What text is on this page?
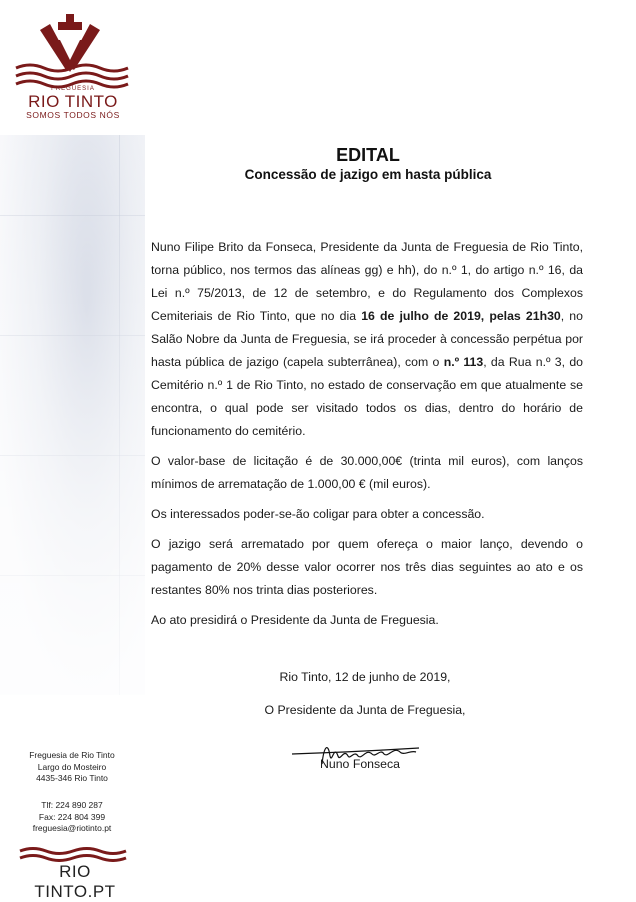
FREGUESIA
RIO TINTO
SOMOS TODOS NÓS
Freguesia de Rio Tinto
Largo do Mosteiro
4435-346 Rio Tinto
Tlf: 224 890 287
Fax: 224 804 399
freguesia@riotinto.pt
RIO TINTO.PT
EDITAL
Concessão de jazigo em hasta pública

Nuno Filipe Brito da Fonseca, Presidente da Junta de Freguesia de Rio Tinto, torna público, nos termos das alíneas gg) e hh), do n.º 1, do artigo n.º 16, da Lei n.º 75/2013, de 12 de setembro, e do Regulamento dos Complexos Cemiteriais de Rio Tinto, que no dia 16 de julho de 2019, pelas 21h30, no Salão Nobre da Junta de Freguesia, se irá proceder à concessão perpétua por hasta pública de jazigo (capela subterrânea), com o n.º 113, da Rua n.º 3, do Cemitério n.º 1 de Rio Tinto, no estado de conservação em que atualmente se encontra, o qual pode ser visitado todos os dias, dentro do horário de funcionamento do cemitério.

O valor-base de licitação é de 30.000,00€ (trinta mil euros), com lanços mínimos de arrematação de 1.000,00 € (mil euros).

Os interessados poder-se-ão coligar para obter a concessão.

O jazigo será arrematado por quem ofereça o maior lanço, devendo o pagamento de 20% desse valor ocorrer nos três dias seguintes ao ato e os restantes 80% nos trinta dias posteriores.

Ao ato presidirá o Presidente da Junta de Freguesia.

Rio Tinto, 12 de junho de 2019,

O Presidente da Junta de Freguesia,

Nuno Fonseca
